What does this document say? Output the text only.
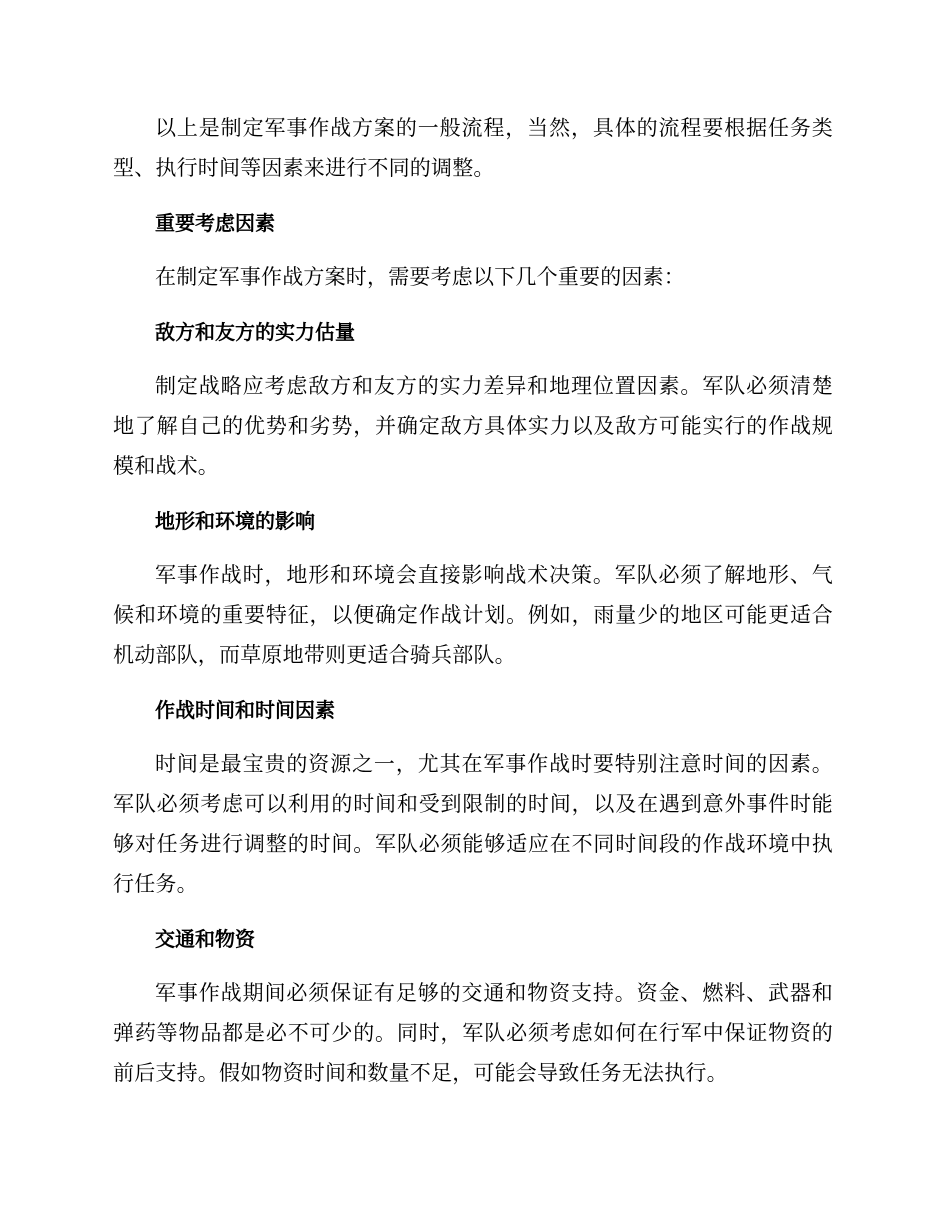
以上是制定军事作战方案的一般流程，当然，具体的流程要根据任务类型、执行时间等因素来进行不同的调整。

重要考虑因素

在制定军事作战方案时，需要考虑以下几个重要的因素：

敌方和友方的实力估量

制定战略应考虑敌方和友方的实力差异和地理位置因素。军队必须清楚地了解自己的优势和劣势，并确定敌方具体实力以及敌方可能实行的作战规模和战术。

地形和环境的影响

军事作战时，地形和环境会直接影响战术决策。军队必须了解地形、气候和环境的重要特征，以便确定作战计划。例如，雨量少的地区可能更适合机动部队，而草原地带则更适合骑兵部队。

作战时间和时间因素

时间是最宝贵的资源之一，尤其在军事作战时要特别注意时间的因素。军队必须考虑可以利用的时间和受到限制的时间，以及在遇到意外事件时能够对任务进行调整的时间。军队必须能够适应在不同时间段的作战环境中执行任务。

交通和物资

军事作战期间必须保证有足够的交通和物资支持。资金、燃料、武器和弹药等物品都是必不可少的。同时，军队必须考虑如何在行军中保证物资的前后支持。假如物资时间和数量不足，可能会导致任务无法执行。
